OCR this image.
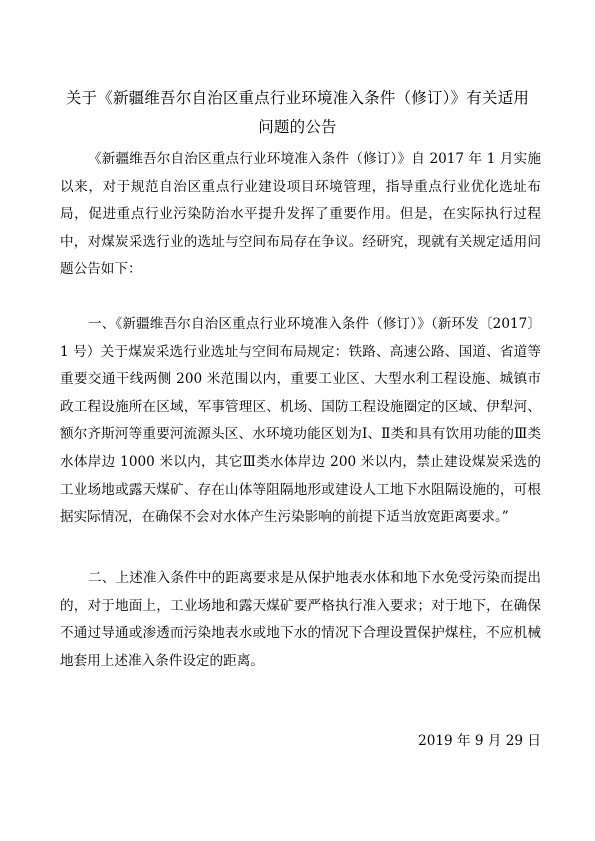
关于《新疆维吾尔自治区重点行业环境准入条件（修订）》有关适用
问题的公告

《新疆维吾尔自治区重点行业环境准入条件（修订）》自 2017 年 1 月实施以来，对于规范自治区重点行业建设项目环境管理，指导重点行业优化选址布局，促进重点行业污染防治水平提升发挥了重要作用。但是，在实际执行过程中，对煤炭采选行业的选址与空间布局存在争议。经研究，现就有关规定适用问题公告如下：

一、《新疆维吾尔自治区重点行业环境准入条件（修订）》（新环发〔2017〕1 号）关于煤炭采选行业选址与空间布局规定：铁路、高速公路、国道、省道等重要交通干线两侧 200 米范围以内，重要工业区、大型水利工程设施、城镇市政工程设施所在区域，军事管理区、机场、国防工程设施圈定的区域、伊犁河、额尔齐斯河等重要河流源头区、水环境功能区划为Ⅰ、Ⅱ类和具有饮用功能的Ⅲ类水体岸边 1000 米以内，其它Ⅲ类水体岸边 200 米以内，禁止建设煤炭采选的工业场地或露天煤矿、存在山体等阻隔地形或建设人工地下水阻隔设施的，可根据实际情况，在确保不会对水体产生污染影响的前提下适当放宽距离要求。”

二、上述准入条件中的距离要求是从保护地表水体和地下水免受污染而提出的，对于地面上，工业场地和露天煤矿要严格执行准入要求；对于地下，在确保不通过导通或渗透而污染地表水或地下水的情况下合理设置保护煤柱，不应机械地套用上述准入条件设定的距离。

2019 年 9 月 29 日
